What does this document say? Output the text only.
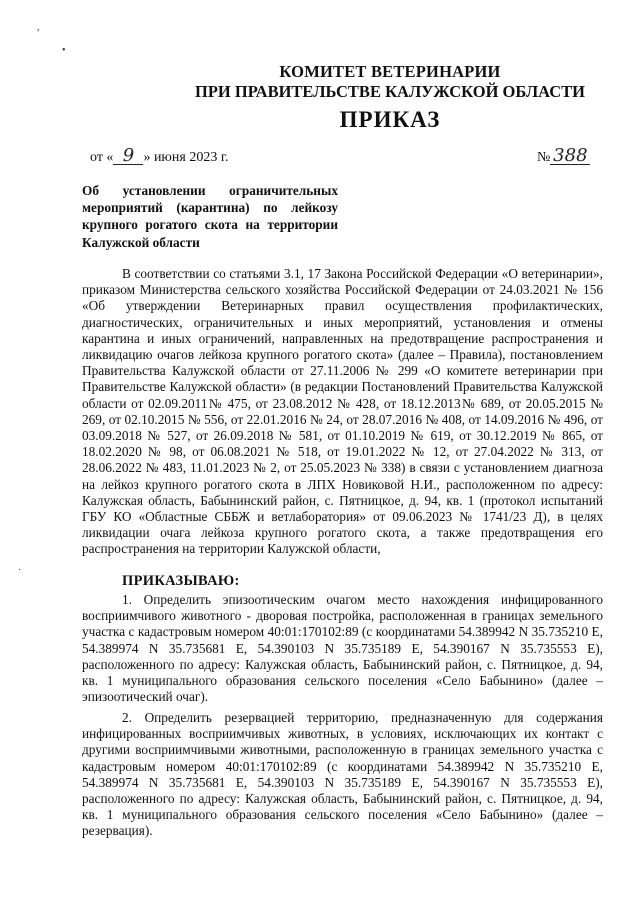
,
•
·
КОМИТЕТ ВЕТЕРИНАРИИ
ПРИ ПРАВИТЕЛЬСТВЕ КАЛУЖСКОЙ ОБЛАСТИ
ПРИКАЗ
от « 9 » июня 2023 г.	№ 388
Об установлении ограничительных мероприятий (карантина) по лейкозу крупного рогатого скота на территории Калужской области
В соответствии со статьями 3.1, 17 Закона Российской Федерации «О ветеринарии», приказом Министерства сельского хозяйства Российской Федерации от 24.03.2021 № 156 «Об утверждении Ветеринарных правил осуществления профилактических, диагностических, ограничительных и иных мероприятий, установления и отмены карантина и иных ограничений, направленных на предотвращение распространения и ликвидацию очагов лейкоза крупного рогатого скота» (далее – Правила), постановлением Правительства Калужской области от 27.11.2006 № 299 «О комитете ветеринарии при Правительстве Калужской области» (в редакции Постановлений Правительства Калужской области от 02.09.2011№ 475, от 23.08.2012 № 428, от 18.12.2013№ 689, от 20.05.2015 № 269, от 02.10.2015 № 556, от 22.01.2016 № 24, от 28.07.2016 № 408, от 14.09.2016 № 496, от 03.09.2018 № 527, от 26.09.2018 № 581, от 01.10.2019 № 619, от 30.12.2019 № 865, от 18.02.2020 № 98, от 06.08.2021 № 518, от 19.01.2022 № 12, от 27.04.2022 № 313, от 28.06.2022 № 483, 11.01.2023 № 2, от 25.05.2023 № 338) в связи с установлением диагноза на лейкоз крупного рогатого скота в ЛПХ Новиковой Н.И., расположенном по адресу: Калужская область, Бабынинский район, с. Пятницкое, д. 94, кв. 1 (протокол испытаний ГБУ КО «Областные СББЖ и ветлаборатория» от 09.06.2023 № 1741/23 Д), в целях ликвидации очага лейкоза крупного рогатого скота, а также предотвращения его распространения на территории Калужской области,
ПРИКАЗЫВАЮ:
1. Определить эпизоотическим очагом место нахождения инфицированного восприимчивого животного - дворовая постройка, расположенная в границах земельного участка с кадастровым номером 40:01:170102:89 (с координатами 54.389942 N 35.735210 E, 54.389974 N 35.735681 E, 54.390103 N 35.735189 E, 54.390167 N 35.735553 E), расположенного по адресу: Калужская область, Бабынинский район, с. Пятницкое, д. 94, кв. 1 муниципального образования сельского поселения «Село Бабынино» (далее – эпизоотический очаг).
2. Определить резервацией территорию, предназначенную для содержания инфицированных восприимчивых животных, в условиях, исключающих их контакт с другими восприимчивыми животными, расположенную в границах земельного участка с кадастровым номером 40:01:170102:89 (с координатами 54.389942 N 35.735210 E, 54.389974 N 35.735681 E, 54.390103 N 35.735189 E, 54.390167 N 35.735553 E), расположенного по адресу: Калужская область, Бабынинский район, с. Пятницкое, д. 94, кв. 1 муниципального образования сельского поселения «Село Бабынино» (далее – резервация).
